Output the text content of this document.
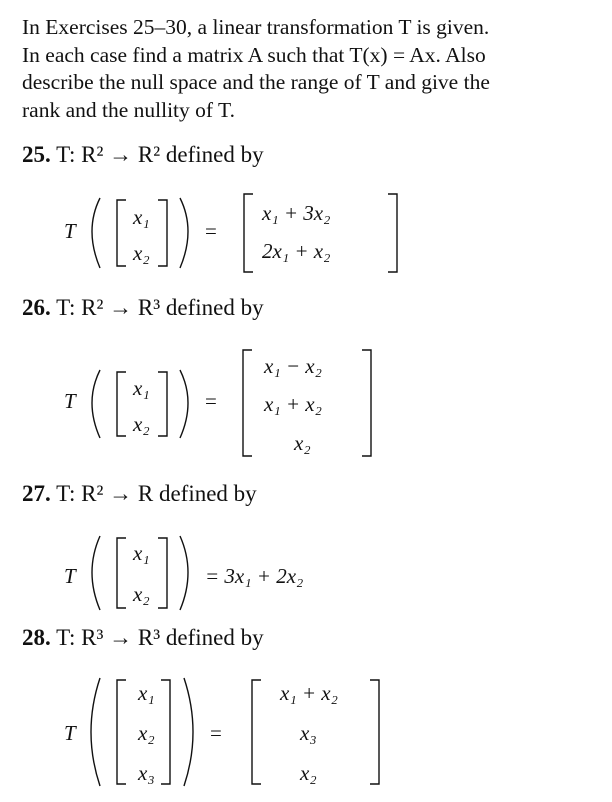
In Exercises 25–30, a linear transformation T is given.

In each case find a matrix A such that T(x) = Ax. Also

describe the null space and the range of T and give the

rank and the nullity of T.

25. T: R² → R² defined by
T
x₁
x₂
=
x₁ + 3x₂
2x₁ + x₂
26. T: R² → R³ defined by
T
x₁
x₂
=
x₁ − x₂
x₁ + x₂
x₂
27. T: R² → R defined by
T
x₁
x₂
= 3x₁ + 2x₂
28. T: R³ → R³ defined by
T
x₁
x₂
x₃
=
x₁ + x₂
x₃
x₂
